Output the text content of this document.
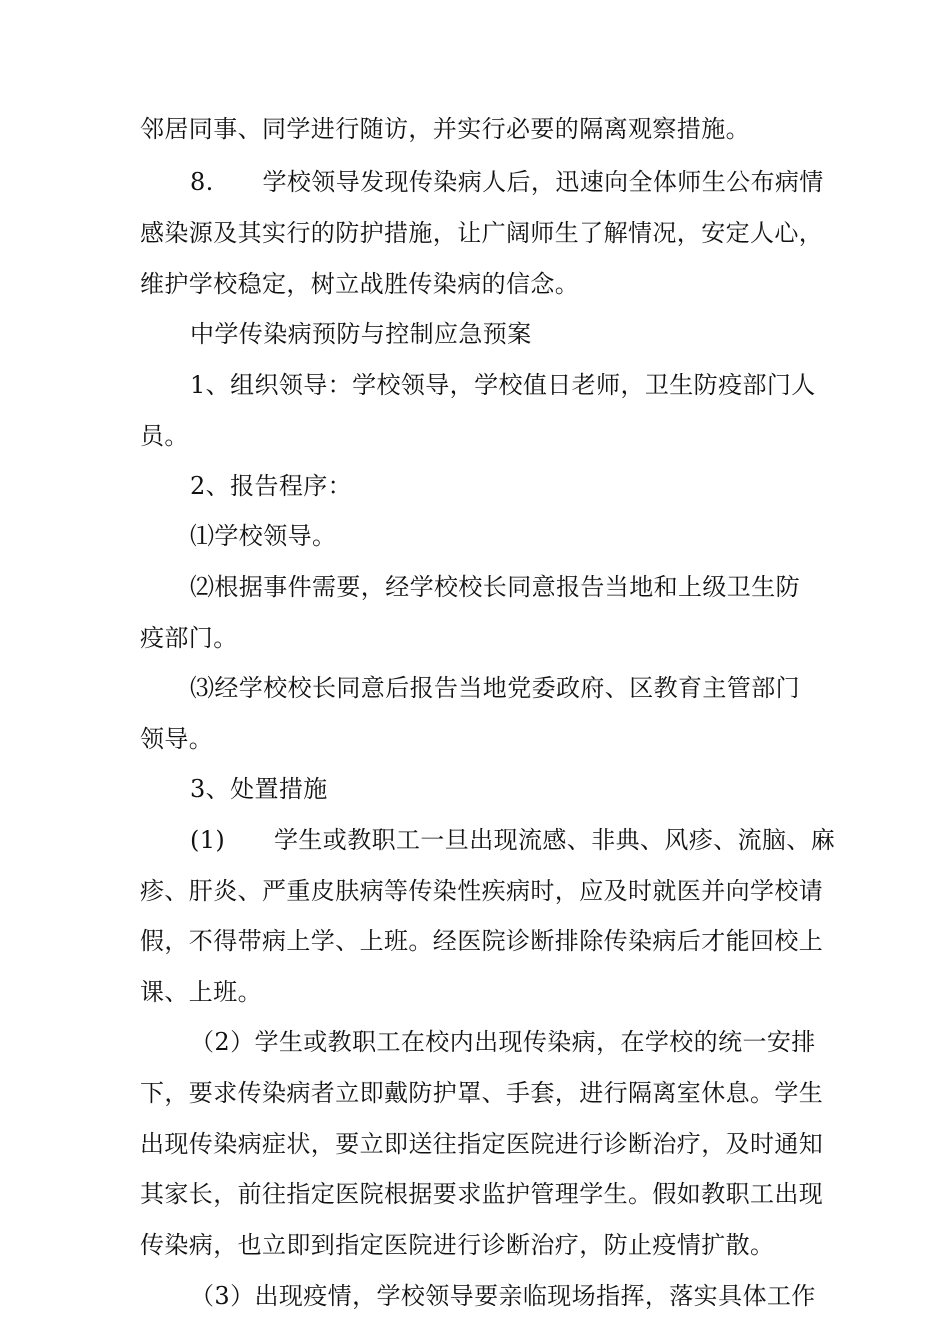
邻居同事、同学进行随访，并实行必要的隔离观察措施。
8.　　学校领导发现传染病人后，迅速向全体师生公布病情
感染源及其实行的防护措施，让广阔师生了解情况，安定人心，
维护学校稳定，树立战胜传染病的信念。
中学传染病预防与控制应急预案
1、组织领导：学校领导，学校值日老师，卫生防疫部门人
员。
2、报告程序：
⑴学校领导。
⑵根据事件需要，经学校校长同意报告当地和上级卫生防
疫部门。
⑶经学校校长同意后报告当地党委政府、区教育主管部门
领导。
3、处置措施
(1)　　学生或教职工一旦出现流感、非典、风疹、流脑、麻
疹、肝炎、严重皮肤病等传染性疾病时，应及时就医并向学校请
假，不得带病上学、上班。经医院诊断排除传染病后才能回校上
课、上班。
（2）学生或教职工在校内出现传染病，在学校的统一安排
下，要求传染病者立即戴防护罩、手套，进行隔离室休息。学生
出现传染病症状，要立即送往指定医院进行诊断治疗，及时通知
其家长，前往指定医院根据要求监护管理学生。假如教职工出现
传染病，也立即到指定医院进行诊断治疗，防止疫情扩散。
（3）出现疫情，学校领导要亲临现场指挥，落实具体工作
